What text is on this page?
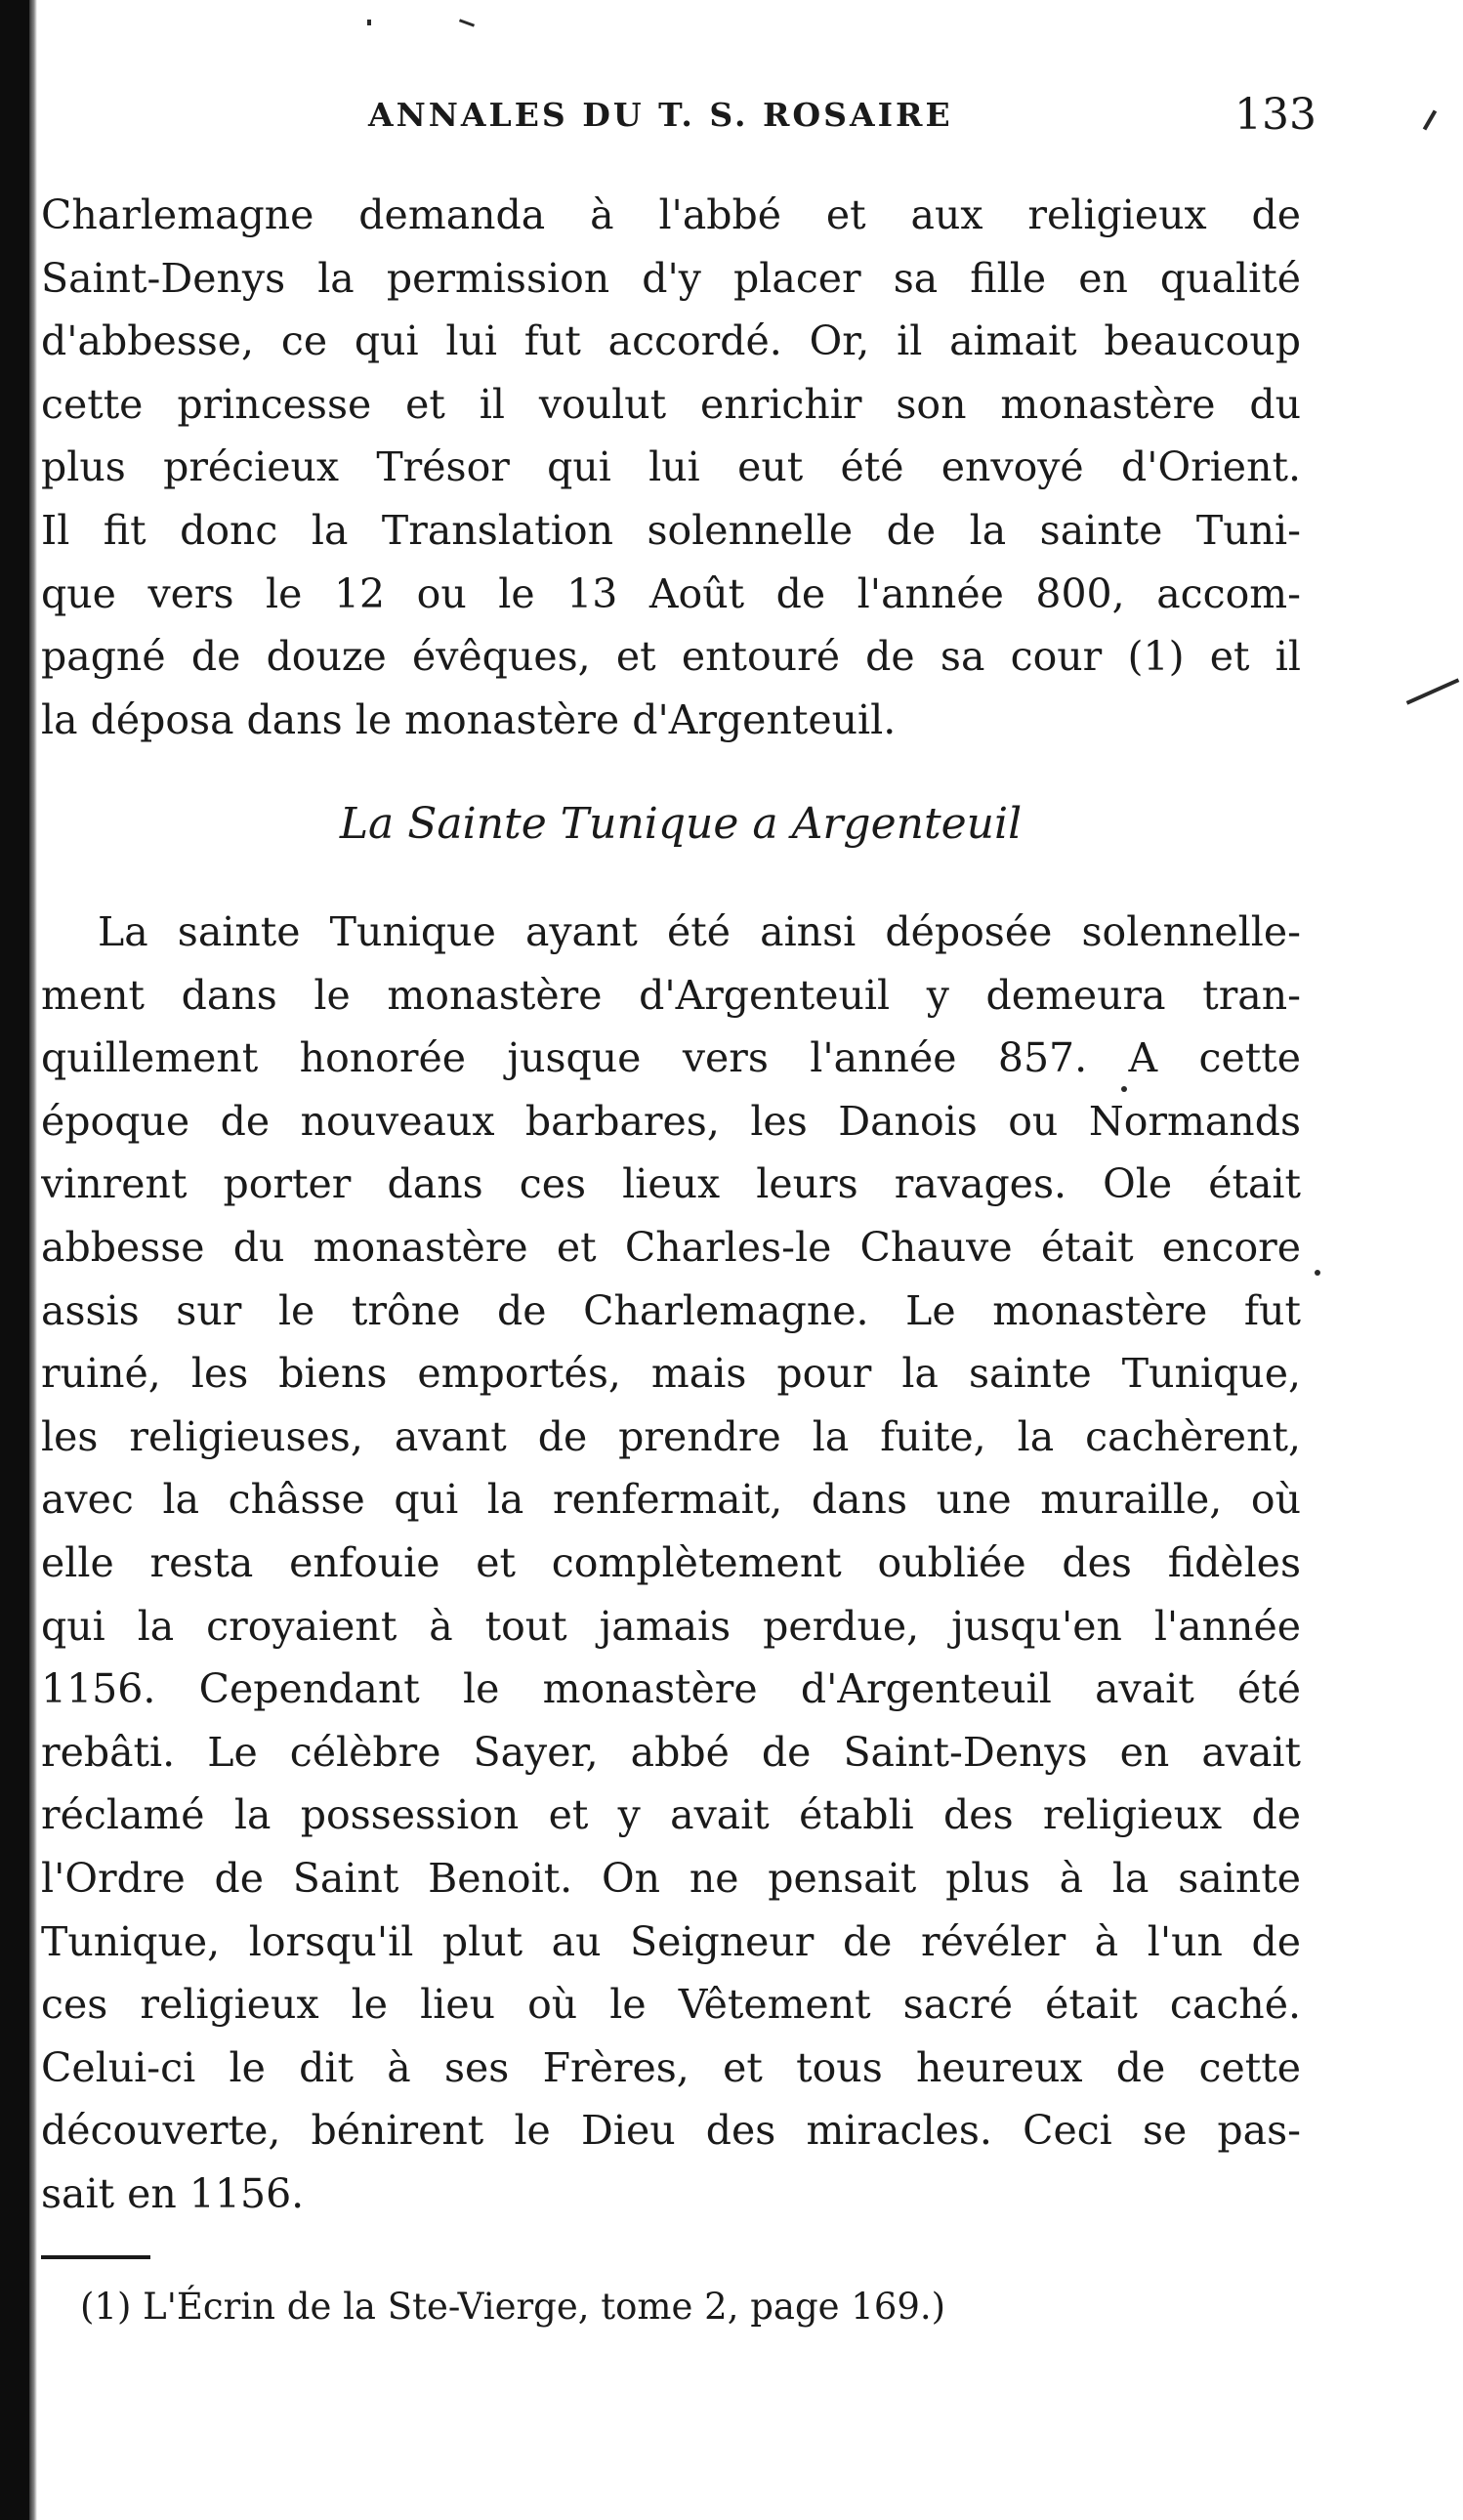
ANNALES DU T. S. ROSAIRE	133
Charlemagne demanda à l'abbé et aux religieux de
Saint-Denys la permission d'y placer sa fille en qualité
d'abbesse, ce qui lui fut accordé. Or, il aimait beaucoup
cette princesse et il voulut enrichir son monastère du
plus précieux Trésor qui lui eut été envoyé d'Orient.
Il fit donc la Translation solennelle de la sainte Tuni-
que vers le 12 ou le 13 Août de l'année 800, accom-
pagné de douze évêques, et entouré de sa cour (1) et il
la déposa dans le monastère d'Argenteuil.
La Sainte Tunique a Argenteuil
La sainte Tunique ayant été ainsi déposée solennelle-
ment dans le monastère d'Argenteuil y demeura tran-
quillement honorée jusque vers l'année 857. A cette
époque de nouveaux barbares, les Danois ou Normands
vinrent porter dans ces lieux leurs ravages. Ole était
abbesse du monastère et Charles-le Chauve était encore
assis sur le trône de Charlemagne. Le monastère fut
ruiné, les biens emportés, mais pour la sainte Tunique,
les religieuses, avant de prendre la fuite, la cachèrent,
avec la châsse qui la renfermait, dans une muraille, où
elle resta enfouie et complètement oubliée des fidèles
qui la croyaient à tout jamais perdue, jusqu'en l'année
1156. Cependant le monastère d'Argenteuil avait été
rebâti. Le célèbre Sayer, abbé de Saint-Denys en avait
réclamé la possession et y avait établi des religieux de
l'Ordre de Saint Benoit. On ne pensait plus à la sainte
Tunique, lorsqu'il plut au Seigneur de révéler à l'un de
ces religieux le lieu où le Vêtement sacré était caché.
Celui-ci le dit à ses Frères, et tous heureux de cette
découverte, bénirent le Dieu des miracles. Ceci se pas-
sait en 1156.
(1) L'Écrin de la Ste-Vierge, tome 2, page 169.)
